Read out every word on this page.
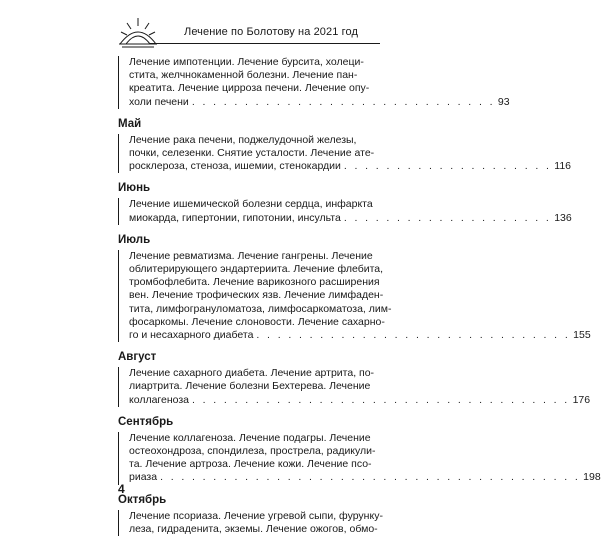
Лечение по Болотову на 2021 год
Лечение импотенции. Лечение бурсита, холеци-
стита, желчнокаменной болезни. Лечение пан-
креатита. Лечение цирроза печени. Лечение опу-
холи печени . . . . . . . . . . . . . . . . . . . . . . . . . . . . . 93
Май
Лечение рака печени, поджелудочной железы,
почки, селезенки. Снятие усталости. Лечение ате-
росклероза, стеноза, ишемии, стенокардии . . . . . . . . . . . . . . . . . . . . 116
Июнь
Лечение ишемической болезни сердца, инфаркта
миокарда, гипертонии, гипотонии, инсульта . . . . . . . . . . . . . . . . . . . . 136
Июль
Лечение ревматизма. Лечение гангрены. Лечение
облитерирующего эндартериита. Лечение флебита,
тромбофлебита. Лечение варикозного расширения
вен. Лечение трофических язв. Лечение лимфаден-
тита, лимфогрануломатоза, лимфосаркоматоза, лим-
фосаркомы. Лечение слоновости. Лечение сахарно-
го и несахарного диабета . . . . . . . . . . . . . . . . . . . . . . . . . . . . . . 155
Август
Лечение сахарного диабета. Лечение артрита, по-
лиартрита. Лечение болезни Бехтерева. Лечение
коллагеноза . . . . . . . . . . . . . . . . . . . . . . . . . . . . . . . . . . . . 176
Сентябрь
Лечение коллагеноза. Лечение подагры. Лечение
остеохондроза, спондилеза, прострела, радикули-
та. Лечение артроза. Лечение кожи. Лечение псо-
риаза . . . . . . . . . . . . . . . . . . . . . . . . . . . . . . . . . . . . . . . . 198
Октябрь
Лечение псориаза. Лечение угревой сыпи, фурунку-
леза, гидраденита, экземы. Лечение ожогов, обмо-
4
